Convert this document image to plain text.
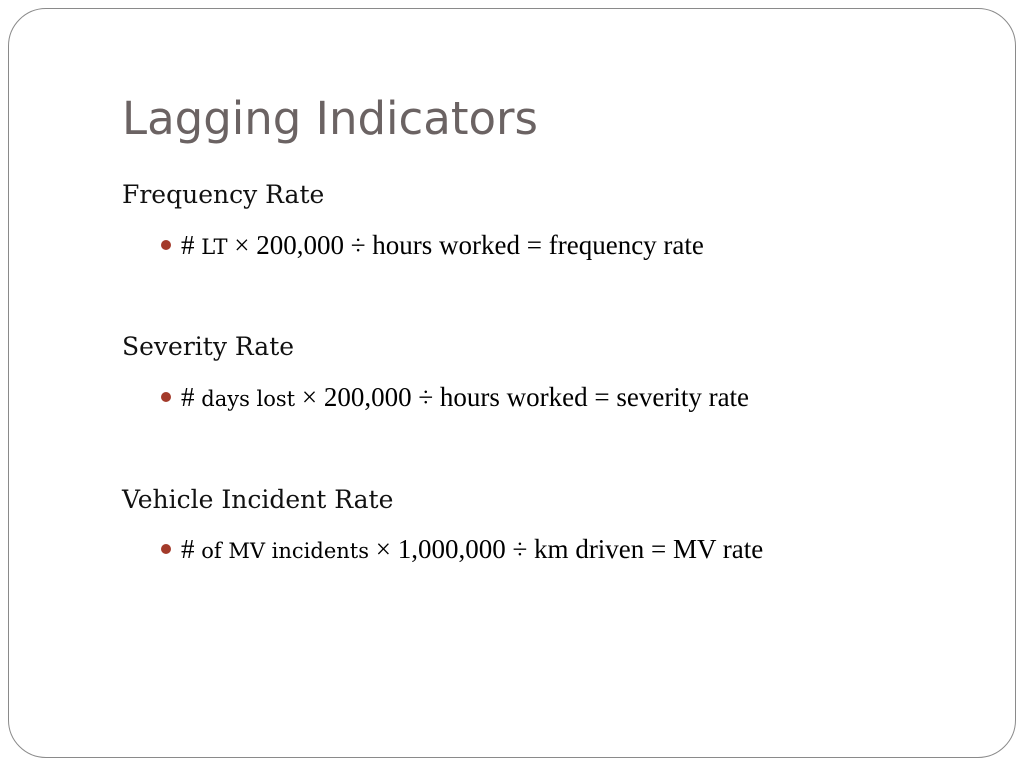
Lagging Indicators

Frequency Rate

# LT × 200,000 ÷ hours worked = frequency rate

Severity Rate

# days lost × 200,000 ÷ hours worked = severity rate

Vehicle Incident Rate

# of MV incidents × 1,000,000 ÷ km driven = MV rate
